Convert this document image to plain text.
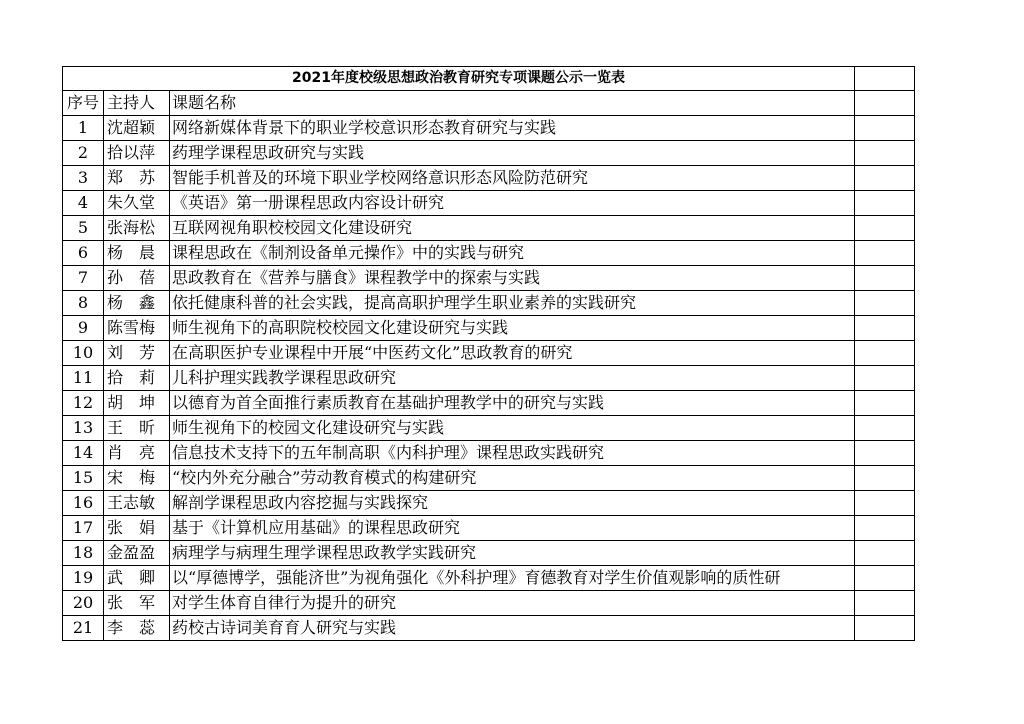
2021年度校级思想政治教育研究专项课题公示一览表			
序号	主持人	课题名称	
1	沈超颖	网络新媒体背景下的职业学校意识形态教育研究与实践	
2	拾以萍	药理学课程思政研究与实践	
3	郑　苏	智能手机普及的环境下职业学校网络意识形态风险防范研究	
4	朱久堂	《英语》第一册课程思政内容设计研究	
5	张海松	互联网视角职校校园文化建设研究	
6	杨　晨	课程思政在《制剂设备单元操作》中的实践与研究	
7	孙　蓓	思政教育在《营养与膳食》课程教学中的探索与实践	
8	杨　鑫	依托健康科普的社会实践，提高高职护理学生职业素养的实践研究	
9	陈雪梅	师生视角下的高职院校校园文化建设研究与实践	
10	刘　芳	在高职医护专业课程中开展“中医药文化”思政教育的研究	
11	拾　莉	儿科护理实践教学课程思政研究	
12	胡　坤	以德育为首全面推行素质教育在基础护理教学中的研究与实践	
13	王　昕	师生视角下的校园文化建设研究与实践	
14	肖　亮	信息技术支持下的五年制高职《内科护理》课程思政实践研究	
15	宋　梅	“校内外充分融合”劳动教育模式的构建研究	
16	王志敏	解剖学课程思政内容挖掘与实践探究	
17	张　娟	基于《计算机应用基础》的课程思政研究	
18	金盈盈	病理学与病理生理学课程思政教学实践研究	
19	武　卿	以“厚德博学，强能济世”为视角强化《外科护理》育德教育对学生价值观影响的质性研	
20	张　军	对学生体育自律行为提升的研究	
21	李　蕊	药校古诗词美育育人研究与实践	
